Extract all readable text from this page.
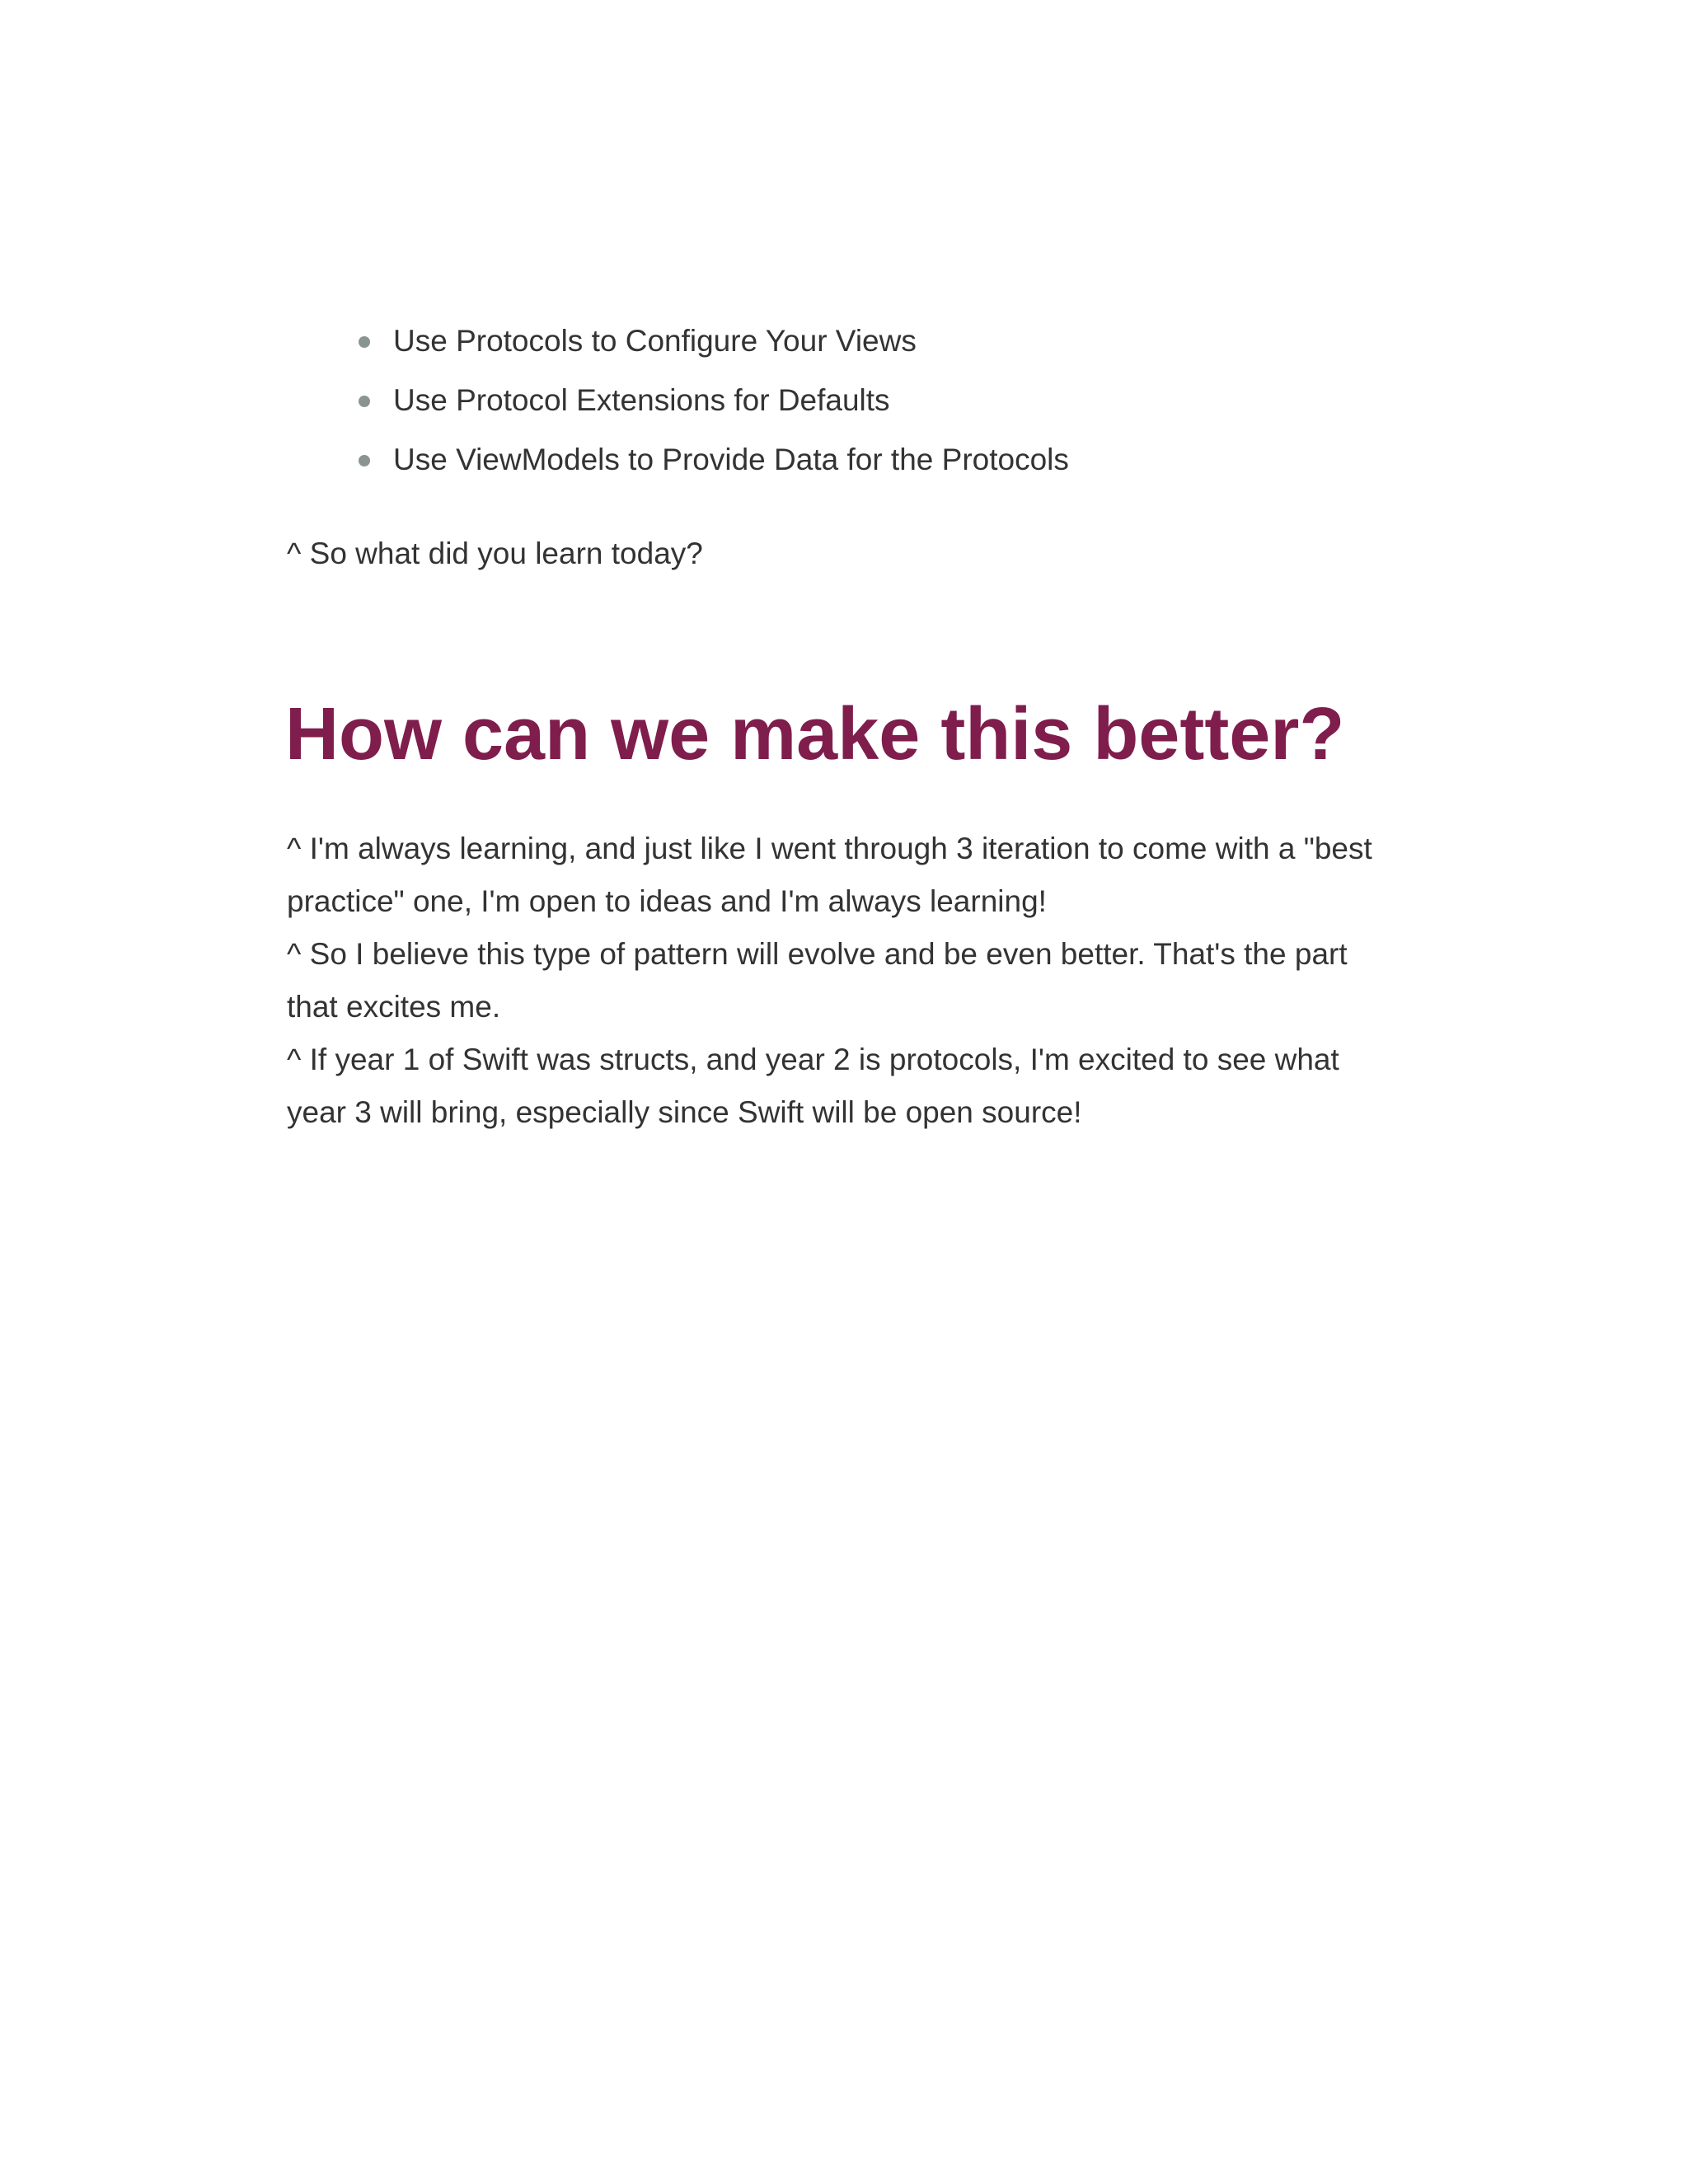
Use Protocols to Configure Your Views
Use Protocol Extensions for Defaults
Use ViewModels to Provide Data for the Protocols

^ So what did you learn today?

How can we make this better?

^ I'm always learning, and just like I went through 3 iteration to come with a "best practice" one, I'm open to ideas and I'm always learning!

^ So I believe this type of pattern will evolve and be even better. That's the part that excites me.

^ If year 1 of Swift was structs, and year 2 is protocols, I'm excited to see what year 3 will bring, especially since Swift will be open source!
